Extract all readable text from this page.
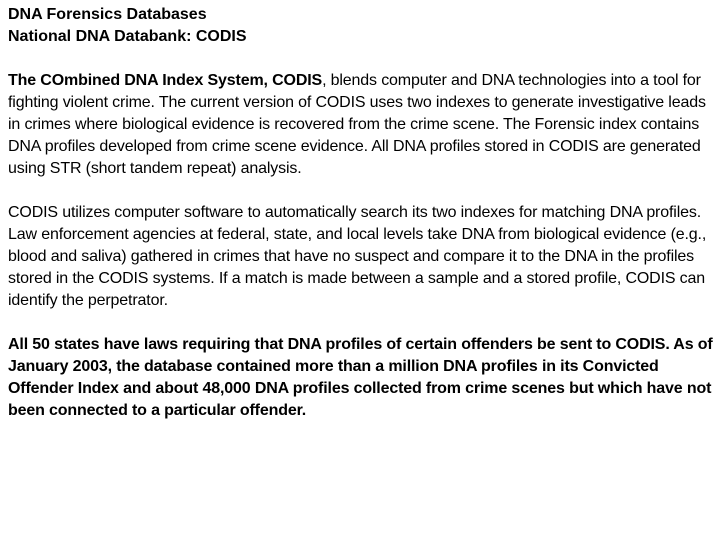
DNA Forensics Databases

National DNA Databank: CODIS

The COmbined DNA Index System, CODIS, blends computer and DNA technologies into a tool for fighting violent crime. The current version of CODIS uses two indexes to generate investigative leads in crimes where biological evidence is recovered from the crime scene. The Forensic index contains DNA profiles developed from crime scene evidence. All DNA profiles stored in CODIS are generated using STR (short tandem repeat) analysis.

CODIS utilizes computer software to automatically search its two indexes for matching DNA profiles. Law enforcement agencies at federal, state, and local levels take DNA from biological evidence (e.g., blood and saliva) gathered in crimes that have no suspect and compare it to the DNA in the profiles stored in the CODIS systems. If a match is made between a sample and a stored profile, CODIS can identify the perpetrator.

All 50 states have laws requiring that DNA profiles of certain offenders be sent to CODIS. As of January 2003, the database contained more than a million DNA profiles in its Convicted Offender Index and about 48,000 DNA profiles collected from crime scenes but which have not been connected to a particular offender.
